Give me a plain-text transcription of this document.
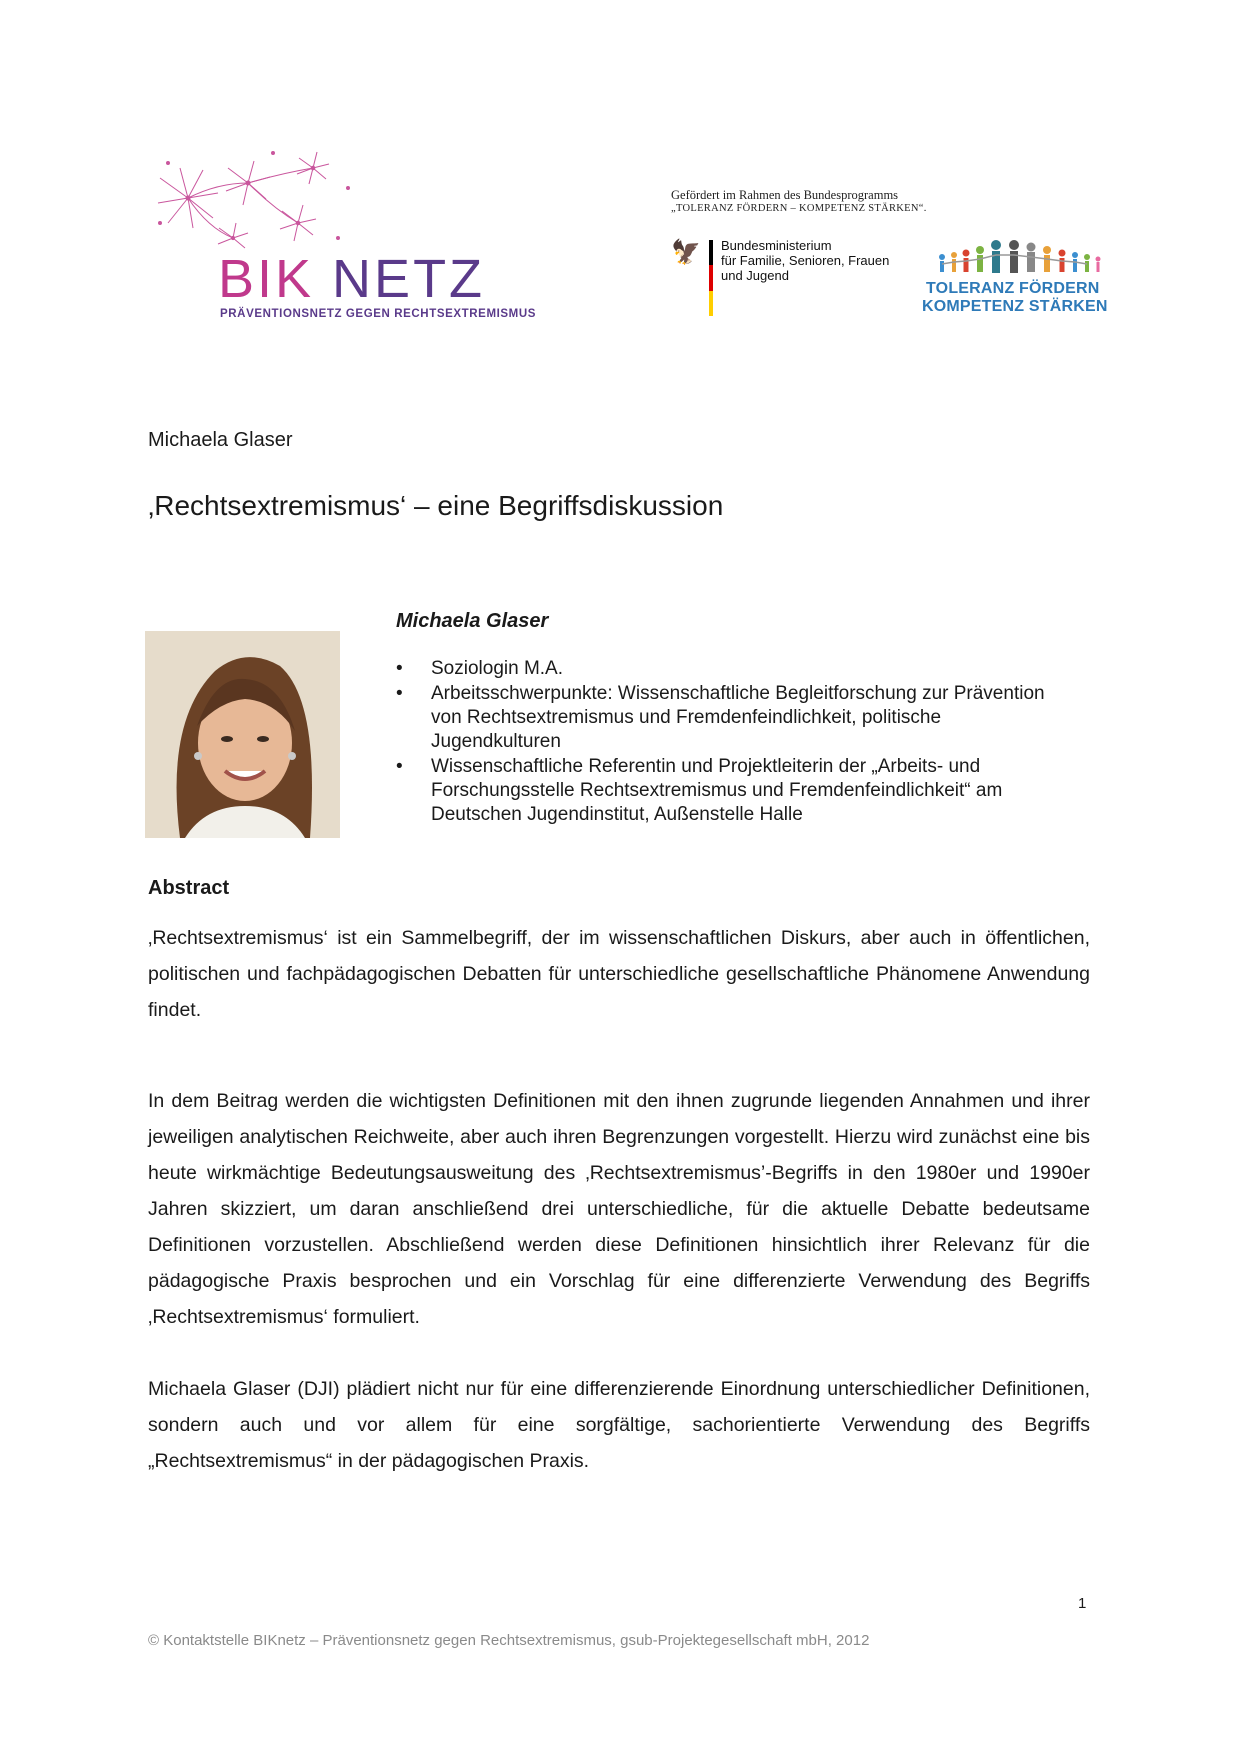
BIK NETZ
PRÄVENTIONSNETZ GEGEN RECHTSEXTREMISMUS
Gefördert im Rahmen des Bundesprogramms
„TOLERANZ FÖRDERN – KOMPETENZ STÄRKEN“.
🦅 Bundesministerium
für Familie, Senioren, Frauen
und Jugend
TOLERANZ FÖRDERN
KOMPETENZ STÄRKEN
Michaela Glaser
‚Rechtsextremismus‘ – eine Begriffsdiskussion
Michaela Glaser
• Soziologin M.A.
• Arbeitsschwerpunkte: Wissenschaftliche Begleitforschung zur Prävention von Rechtsextremismus und Fremdenfeindlichkeit, politische Jugendkulturen
• Wissenschaftliche Referentin und Projektleiterin der „Arbeits- und Forschungsstelle Rechtsextremismus und Fremdenfeindlichkeit“ am Deutschen Jugendinstitut, Außenstelle Halle
Abstract

‚Rechtsextremismus‘ ist ein Sammelbegriff, der im wissenschaftlichen Diskurs, aber auch in öffentlichen, politischen und fachpädagogischen Debatten für unterschiedliche gesellschaftliche Phänomene Anwendung findet.

In dem Beitrag werden die wichtigsten Definitionen mit den ihnen zugrunde liegenden Annahmen und ihrer jeweiligen analytischen Reichweite, aber auch ihren Begrenzungen vorgestellt. Hierzu wird zunächst eine bis heute wirkmächtige Bedeutungsausweitung des ‚Rechtsextremismus’-Begriffs in den 1980er und 1990er Jahren skizziert, um daran anschließend drei unterschiedliche, für die aktuelle Debatte bedeutsame Definitionen vorzustellen. Abschließend werden diese Definitionen hinsichtlich ihrer Relevanz für die pädagogische Praxis besprochen und ein Vorschlag für eine differenzierte Verwendung des Begriffs ‚Rechtsextremismus‘ formuliert.

Michaela Glaser (DJI) plädiert nicht nur für eine differenzierende Einordnung unterschiedlicher Definitionen, sondern auch und vor allem für eine sorgfältige, sachorientierte Verwendung des Begriffs „Rechtsextremismus“ in der pädagogischen Praxis.

1
© Kontaktstelle BIKnetz – Präventionsnetz gegen Rechtsextremismus, gsub-Projektegesellschaft mbH, 2012
